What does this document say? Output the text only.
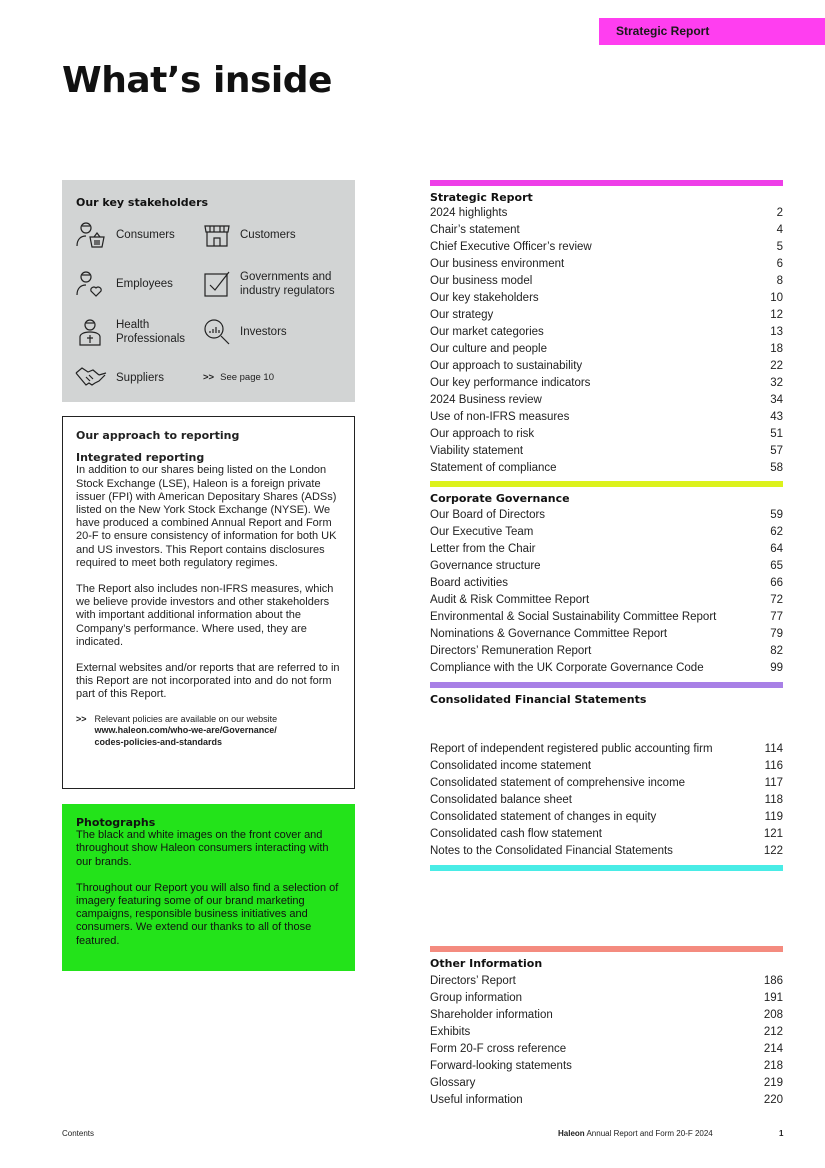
Strategic Report
What’s inside
Our key stakeholders
Consumers	Customers
Employees
Governments and industry regulators
Health Professionals
Investors
Suppliers	>> See page 10
Our approach to reporting
Integrated reporting

In addition to our shares being listed on the London Stock Exchange (LSE), Haleon is a foreign private issuer (FPI) with American Depositary Shares (ADSs) listed on the New York Stock Exchange (NYSE). We have produced a combined Annual Report and Form 20-F to ensure consistency of information for both UK and US investors. This Report contains disclosures required to meet both regulatory regimes.

The Report also includes non-IFRS measures, which we believe provide investors and other stakeholders with important additional information about the Company’s performance. Where used, they are indicated.

External websites and/or reports that are referred to in this Report are not incorporated into and do not form part of this Report.

>> Relevant policies are available on our website
www.haleon.com/who-we-are/Governance/
codes-policies-and-standards
Photographs

The black and white images on the front cover and throughout show Haleon consumers interacting with our brands.

Throughout our Report you will also find a selection of imagery featuring some of our brand marketing campaigns, responsible business initiatives and consumers. We extend our thanks to all of those featured.

Strategic Report
2024 highlights	2
Chair’s statement	4
Chief Executive Officer’s review	5
Our business environment	6
Our business model	8
Our key stakeholders	10
Our strategy	12
Our market categories	13
Our culture and people	18
Our approach to sustainability	22
Our key performance indicators	32
2024 Business review	34
Use of non-IFRS measures	43
Our approach to risk	51
Viability statement	57
Statement of compliance	58
Corporate Governance
Our Board of Directors	59
Our Executive Team	62
Letter from the Chair	64
Governance structure	65
Board activities	66
Audit & Risk Committee Report	72
Environmental & Social Sustainability Committee Report	77
Nominations & Governance Committee Report	79
Directors’ Remuneration Report	82
Compliance with the UK Corporate Governance Code	99
Consolidated Financial Statements
Report of independent registered public accounting firm	114
Consolidated income statement	116
Consolidated statement of comprehensive income	117
Consolidated balance sheet	118
Consolidated statement of changes in equity	119
Consolidated cash flow statement	121
Notes to the Consolidated Financial Statements	122
Other Information
Directors’ Report	186
Group information	191
Shareholder information	208
Exhibits	212
Form 20-F cross reference	214
Forward-looking statements	218
Glossary	219
Useful information	220
Contents	Haleon Annual Report and Form 20-F 2024	1
